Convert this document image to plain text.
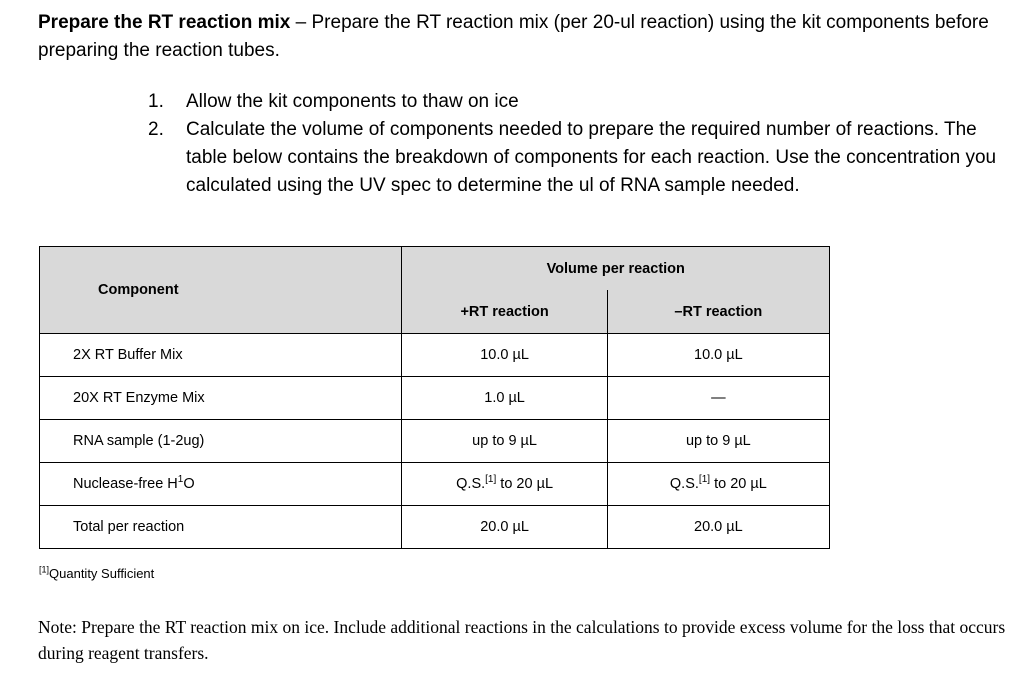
Prepare the RT reaction mix – Prepare the RT reaction mix (per 20-ul reaction) using the kit components before preparing the reaction tubes.
1. Allow the kit components to thaw on ice
2. Calculate the volume of components needed to prepare the required number of reactions. The table below contains the breakdown of components for each reaction. Use the concentration you calculated using the UV spec to determine the ul of RNA sample needed.
Component	Volume per reaction	
	+RT reaction	–RT reaction
2X RT Buffer Mix	10.0 µL	10.0 µL
20X RT Enzyme Mix	1.0 µL	—
RNA sample (1-2ug)	up to 9 µL	up to 9 µL
Nuclease-free $H^1O$	Q.S.[1] to 20 µL	Q.S.[1] to 20 µL
Total per reaction	20.0 µL	20.0 µL
[1]Quantity Sufficient
Note: Prepare the RT reaction mix on ice. Include additional reactions in the calculations to provide excess volume for the loss that occurs during reagent transfers.
